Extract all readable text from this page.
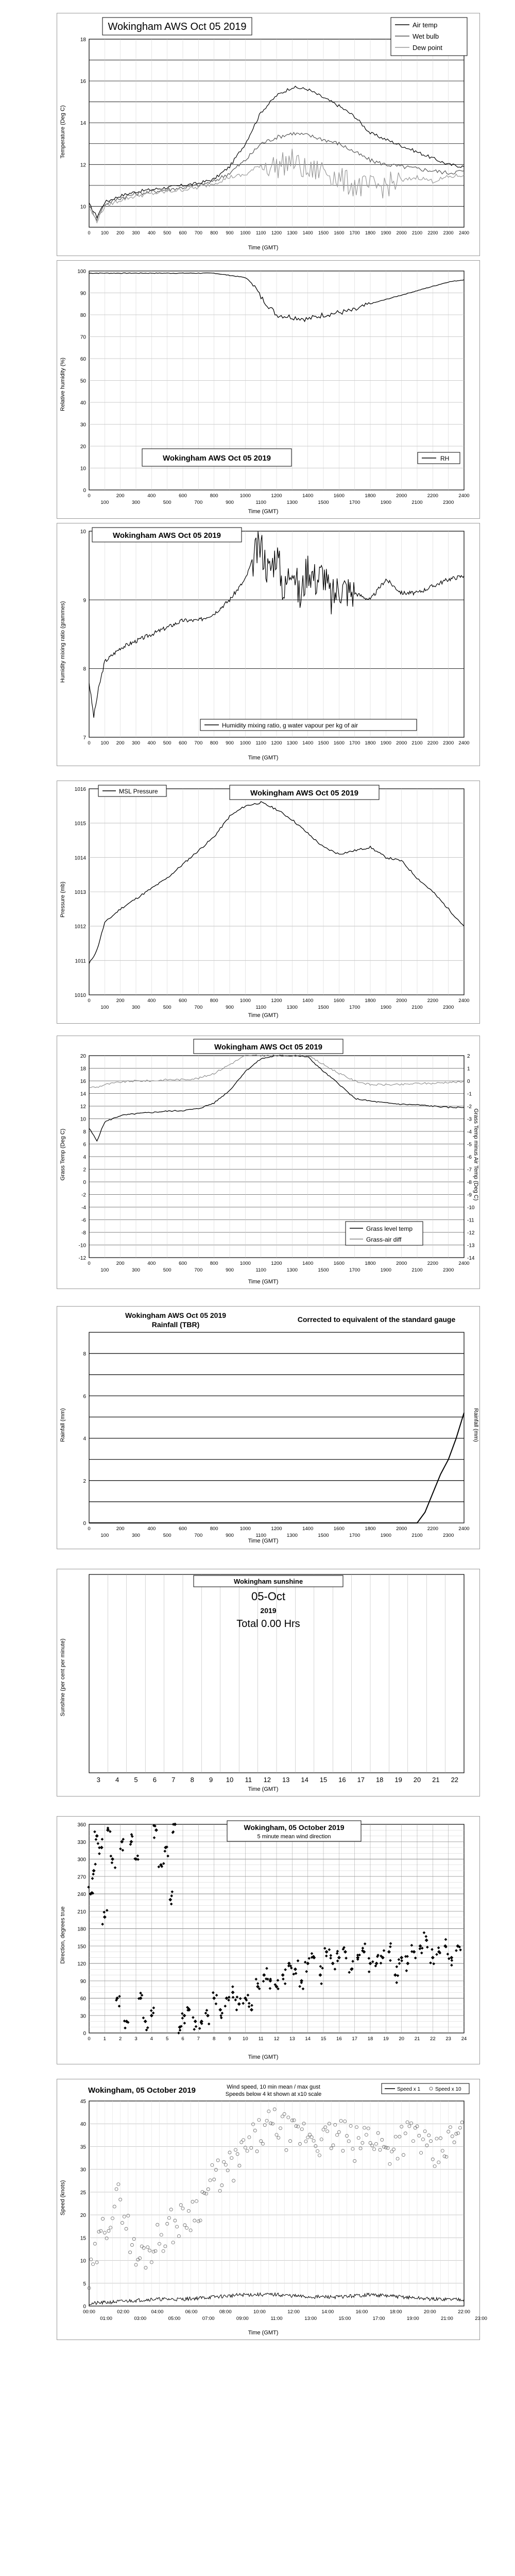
10
12
14
16
18
0 100 200 300 400 500 600 700 800 900 1000 1100 1200 1300 1400 1500 1600 1700 1800 1900 2000 2100 2200 2300 2400
Wokingham AWS Oct 05 2019	Air temp
Wet bulb
Dew point
Time (GMT)
Temperature (Deg C)
0
10
20
30
40
50
60
70
80
90
100
0	200	400	600	800	1000	1200	1400	1600	1800	2000	2200	2400
100	300	500	700	900	1100	1300	1500	1700	1900	2100	2300
Wokingham AWS Oct 05 2019	RH
Time (GMT)
Relative humidity (%)
7
8
9
10
0 100 200 300 400 500 600 700 800 900 1000 1100 1200 1300 1400 1500 1600 1700 1800 1900 2000 2100 2200 2300 2400
Wokingham AWS Oct 05 2019
Humidity mixing ratio, g water vapour per kg of air
Time (GMT)
Humidity mixing ratio (grammes)
1010
1011
1012
1013
1014
1015
1016
0	200	400	600	800	1000	1200	1400	1600	1800	2000	2200	2400
100	300	500	700	900	1100	1300	1500	1700	1900	2100	2300
MSL Pressure	Wokingham AWS Oct 05 2019
Time (GMT)
Pressure (mb)
-12
-10
-8
-6
-4
-2
0
2
4
6
8
10
12
14
16
18
20
-14
-13
-12
-11
-10
-9
-8
-7
-6
-5
-4
-3
-2
-1
0
1
2
0	200	400	600	800	1000	1200	1400	1600	1800	2000	2200	2400
100	300	500	700	900	1100	1300	1500	1700	1900	2100	2300
Wokingham AWS Oct 05 2019
Grass level temp
Grass-air diff
Time (GMT)
Grass Temp (Deg C)	Grass Temp minus Air Temp (Deg C)
0
2
4
6
8
0	200	400	600	800	1000	1200	1400	1600	1800	2000	2200	2400
100	300	500	700	900	1100	1300	1500	1700	1900	2100	2300
Wokingham AWS Oct 05 2019
Rainfall (TBR)
Corrected to equivalent of the standard gauge
Time (GMT)
Rainfall (mm)	Rainfall (mm)
3 4 5 6 7 8 9 10 11 12 13 14 15 16 17 18 19 20 21 22
Wokingham sunshine
05-Oct
2019
Total 0.00 Hrs
Time (GMT)
Sunshine (per cent per minute)
0
30
60
90
120
150
180
210
240
270
300
330
360
0	1	2	3	4	5	6	7	8	9 10 11 12 13 14 15 16 17 18 19 20 21 22 23 24
Wokingham, 05 October 2019
5 minute mean wind direction
Time (GMT)
Direction, degrees true
0
5
10
15
20
25
30
35
40
45
00:00	02:00	04:00	06:00	08:00	10:00	12:00	14:00	16:00	18:00	20:00	22:00
01:00	03:00	05:00	07:00	09:00	11:00	13:00	15:00	17:00	19:00	21:00	23:00
Wokingham, 05 October 2019	Wind speed, 10 min mean / max gust
Speeds below 4 kt shown at x10 scale
Speed x 1	Speed x 10
Time (GMT)
Speed (knots)
